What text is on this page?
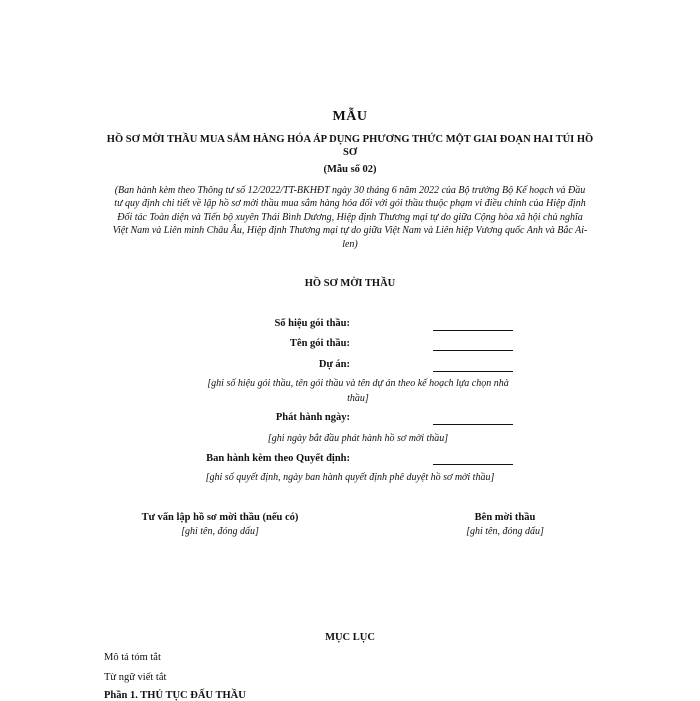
MẪU
HỒ SƠ MỜI THẦU MUA SẮM HÀNG HÓA ÁP DỤNG PHƯƠNG THỨC MỘT GIAI ĐOẠN HAI TÚI HỒ SƠ
(Mẫu số 02)
(Ban hành kèm theo Thông tư số 12/2022/TT-BKHĐT ngày 30 tháng 6 năm 2022 của Bộ trưởng Bộ Kế hoạch và Đầu tư quy định chi tiết về lập hồ sơ mời thầu mua sắm hàng hóa đối với gói thầu thuộc phạm vi điều chỉnh của Hiệp định Đối tác Toàn diện và Tiến bộ xuyên Thái Bình Dương, Hiệp định Thương mại tự do giữa Cộng hòa xã hội chủ nghĩa Việt Nam và Liên minh Châu Âu, Hiệp định Thương mại tự do giữa Việt Nam và Liên hiệp Vương quốc Anh và Bắc Ai-len)
HỒ SƠ MỜI THẦU
Số hiệu gói thầu:
Tên gói thầu:
Dự án:
[ghi số hiệu gói thầu, tên gói thầu và tên dự án theo kế hoạch lựa chọn nhà thầu]
Phát hành ngày:
[ghi ngày bắt đầu phát hành hồ sơ mời thầu]
Ban hành kèm theo Quyết định:
[ghi số quyết định, ngày ban hành quyết định phê duyệt hồ sơ mời thầu]
Tư vấn lập hồ sơ mời thầu (nếu có)
[ghi tên, đóng dấu]
Bên mời thầu
[ghi tên, đóng dấu]
MỤC LỤC
Mô tả tóm tắt
Từ ngữ viết tắt
Phần 1. THỦ TỤC ĐẤU THẦU
